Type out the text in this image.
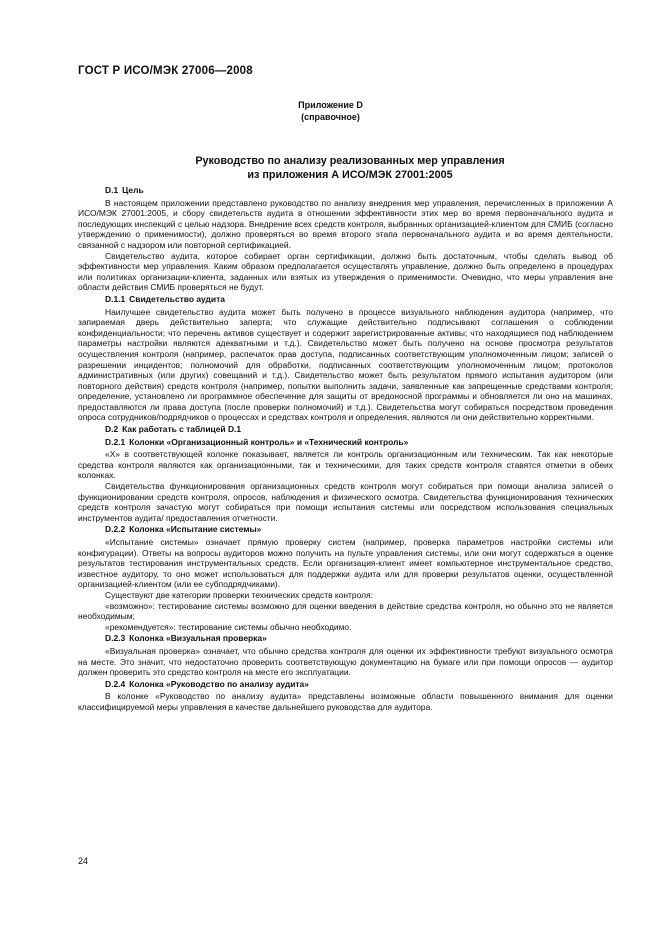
ГОСТ Р ИСО/МЭК 27006—2008
Приложение D
(справочное)
Руководство по анализу реализованных мер управления
из приложения А ИСО/МЭК 27001:2005

D.1 Цель

В настоящем приложении представлено руководство по анализу внедрения мер управления, перечисленных в приложении А ИСО/МЭК 27001:2005, и сбору свидетельств аудита в отношении эффективности этих мер во время первоначального аудита и последующих инспекций с целью надзора. Внедрение всех средств контроля, выбранных организацией-клиентом для СМИБ (согласно утверждению о применимости), должно проверяться во время второго этапа первоначального аудита и во время деятельности, связанной с надзором или повторной сертификацией.

Свидетельство аудита, которое собирает орган сертификации, должно быть достаточным, чтобы сделать вывод об эффективности мер управления. Каким образом предполагается осуществлять управление, должно быть определено в процедурах или политиках организации-клиента, заданных или взятых из утверждения о применимости. Очевидно, что меры управления вне области действия СМИБ проверяться не будут.

D.1.1 Свидетельство аудита

Наилучшее свидетельство аудита может быть получено в процессе визуального наблюдения аудитора (например, что запираемая дверь действительно заперта; что служащие действительно подписывают соглашения о соблюдении конфиденциальности; что перечень активов существует и содержит зарегистрированные активы; что находящиеся под наблюдением параметры настройки являются адекватными и т.д.). Свидетельство может быть получено на основе просмотра результатов осуществления контроля (например, распечаток прав доступа, подписанных соответствующим уполномоченным лицом; записей о разрешении инцидентов; полномочий для обработки, подписанных соответствующим уполномоченным лицом; протоколов административных (или других) совещаний и т.д.). Свидетельство может быть результатом прямого испытания аудитором (или повторного действия) средств контроля (например, попытки выполнить задачи, заявленные как запрещенные средствами контроля; определение, установлено ли программное обеспечение для защиты от вредоносной программы и обновляется ли оно на машинах, предоставляются ли права доступа (после проверки полномочий) и т.д.). Свидетельства могут собираться посредством проведения опроса сотрудников/подрядчиков о процессах и средствах контроля и определения, являются ли они действительно корректными.

D.2 Как работать с таблицей D.1

D.2.1 Колонки «Организационный контроль» и «Технический контроль»

«Х» в соответствующей колонке показывает, является ли контроль организационным или техническим. Так как некоторые средства контроля являются как организационными, так и техническими, для таких средств контроля ставятся отметки в обеих колонках.

Свидетельства функционирования организационных средств контроля могут собираться при помощи анализа записей о функционировании средств контроля, опросов, наблюдения и физического осмотра. Свидетельства функционирования технических средств контроля зачастую могут собираться при помощи испытания системы или посредством использования специальных инструментов аудита/ предоставления отчетности.

D.2.2 Колонка «Испытание системы»

«Испытание системы» означает прямую проверку систем (например, проверка параметров настройки системы или конфигурации). Ответы на вопросы аудиторов можно получить на пульте управления системы, или они могут содержаться в оценке результатов тестирования инструментальных средств. Если организация-клиент имеет компьютерное инструментальное средство, известное аудитору, то оно может использоваться для поддержки аудита или для проверки результатов оценки, осуществленной организацией-клиентом (или ее субподрядчиками).

Существуют две категории проверки технических средств контроля:

«возможно»: тестирование системы возможно для оценки введения в действие средства контроля, но обычно это не является необходимым;

«рекомендуется»: тестирование системы обычно необходимо.

D.2.3 Колонка «Визуальная проверка»

«Визуальная проверка» означает, что обычно средства контроля для оценки их эффективности требуют визуального осмотра на месте. Это значит, что недостаточно проверить соответствующую документацию на бумаге или при помощи опросов — аудитор должен проверить это средство контроля на месте его эксплуатации.

D.2.4 Колонка «Руководство по анализу аудита»

В колонке «Руководство по анализу аудита» представлены возможные области повышенного внимания для оценки классифицируемой меры управления в качестве дальнейшего руководства для аудитора.

24
